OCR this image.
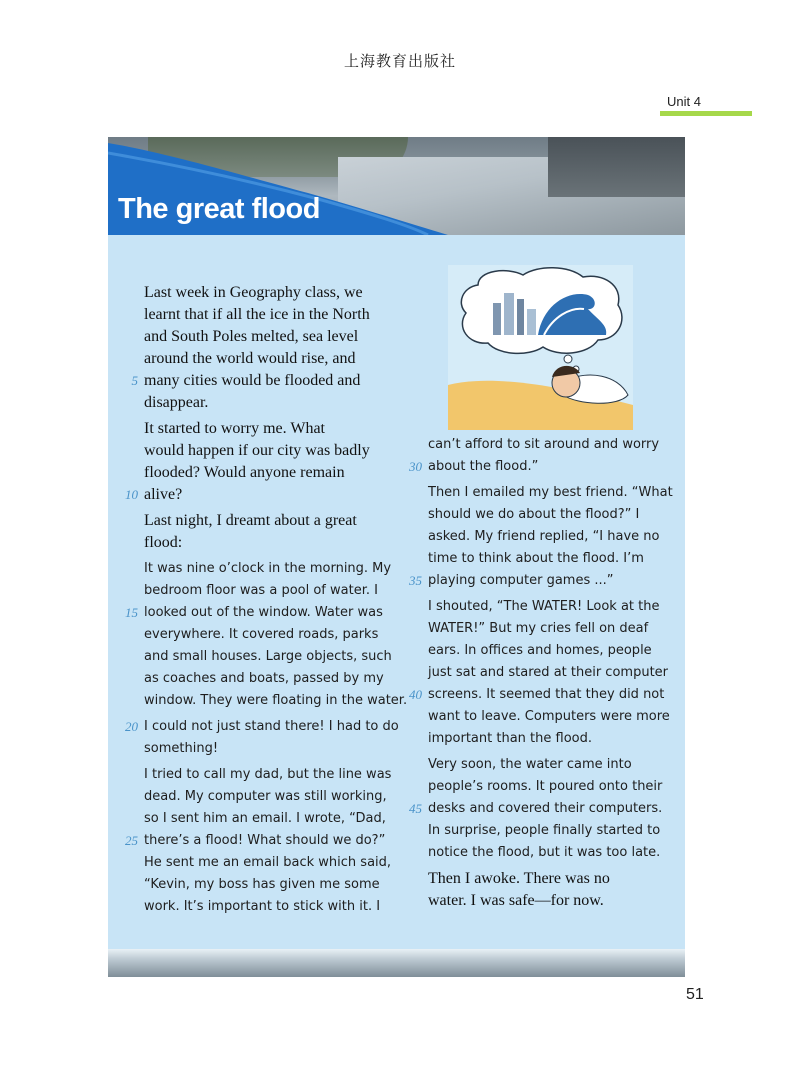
上海教育出版社
Unit 4
The great flood
Last week in Geography class, we
learnt that if all the ice in the North
and South Poles melted, sea level
around the world would rise, and
many cities would be flooded and
5
disappear.
It started to worry me. What
would happen if our city was badly
flooded? Would anyone remain
alive?
10
Last night, I dreamt about a great
flood:
It was nine o’clock in the morning. My
bedroom floor was a pool of water. I
looked out of the window. Water was
15
everywhere. It covered roads, parks
and small houses. Large objects, such
as coaches and boats, passed by my
window. They were floating in the water.
I could not just stand there! I had to do
20
something!
I tried to call my dad, but the line was
dead. My computer was still working,
so I sent him an email. I wrote, “Dad,
there’s a flood! What should we do?”
25
He sent me an email back which said,
“Kevin, my boss has given me some
work. It’s important to stick with it. I
can’t afford to sit around and worry
about the flood.”
30
Then I emailed my best friend. “What
should we do about the flood?” I
asked. My friend replied, “I have no
time to think about the flood. I’m
playing computer games ...”
35
I shouted, “The WATER! Look at the
WATER!” But my cries fell on deaf
ears. In offices and homes, people
just sat and stared at their computer
screens. It seemed that they did not
40
want to leave. Computers were more
important than the flood.
Very soon, the water came into
people’s rooms. It poured onto their
desks and covered their computers.
45
In surprise, people finally started to
notice the flood, but it was too late.
Then I awoke. There was no
water. I was safe—for now.
51
